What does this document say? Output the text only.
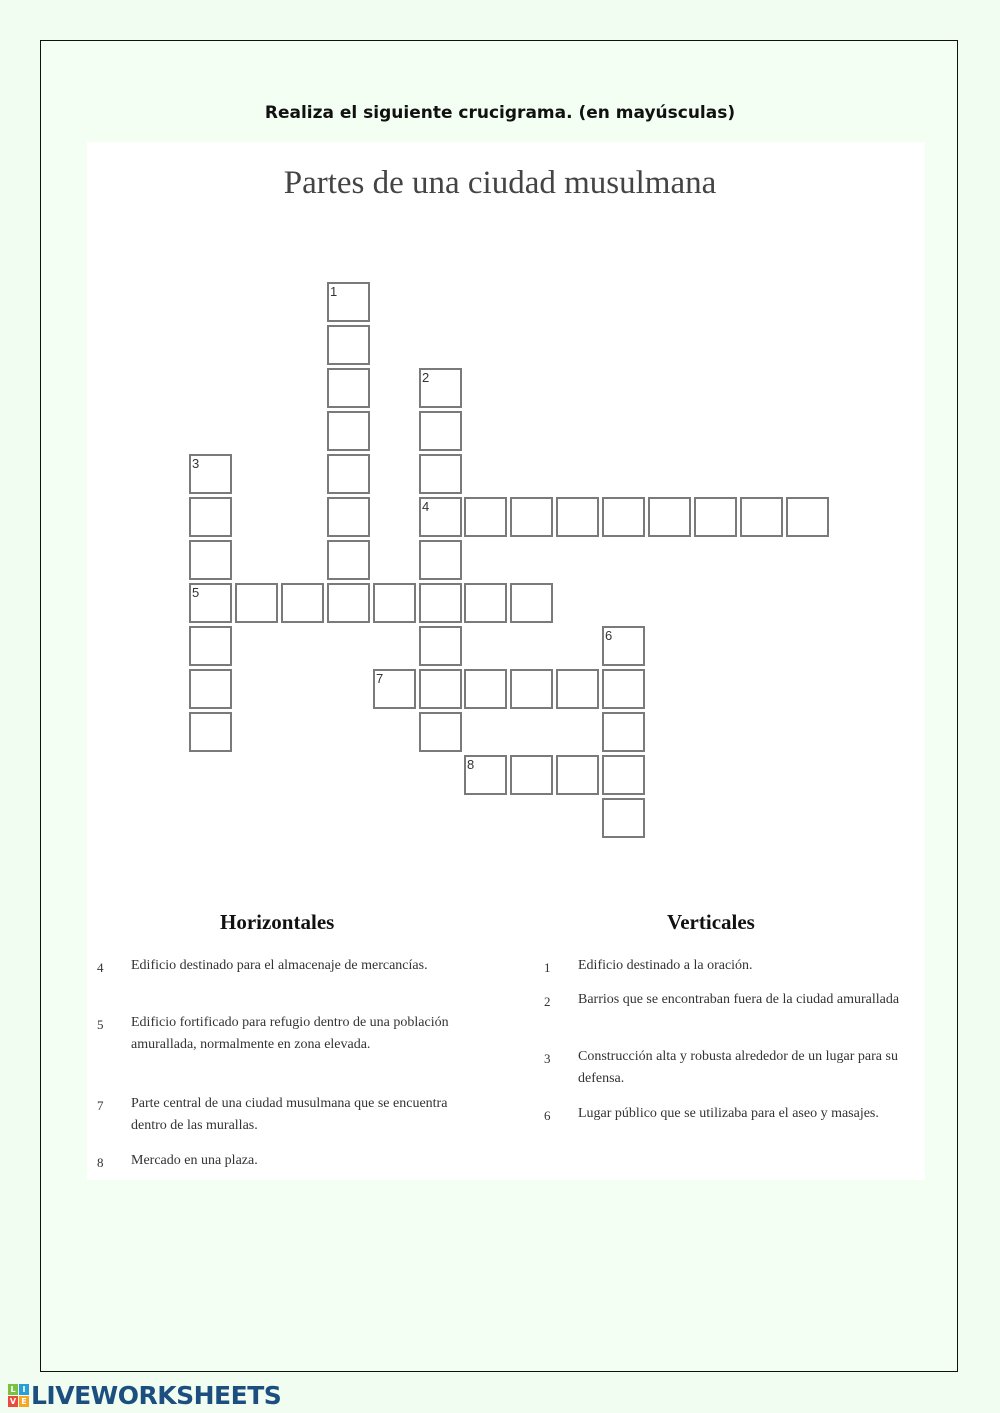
Realiza el siguiente crucigrama. (en mayúsculas)
Partes de una ciudad musulmana
1
2
4
3
5
6
7
8
Horizontales	Verticales
4 Edificio destinado para el almacenaje de mercancías.
5 Edificio fortificado para refugio dentro de una población amurallada, normalmente en zona elevada.
7 Parte central de una ciudad musulmana que se encuentra dentro de las murallas.
8 Mercado en una plaza.
1 Edificio destinado a la oración.
2 Barrios que se encontraban fuera de la ciudad amurallada
3 Construcción alta y robusta alrededor de un lugar para su defensa.
6 Lugar público que se utilizaba para el aseo y masajes.
L I
V E LIVEWORKSHEETS
